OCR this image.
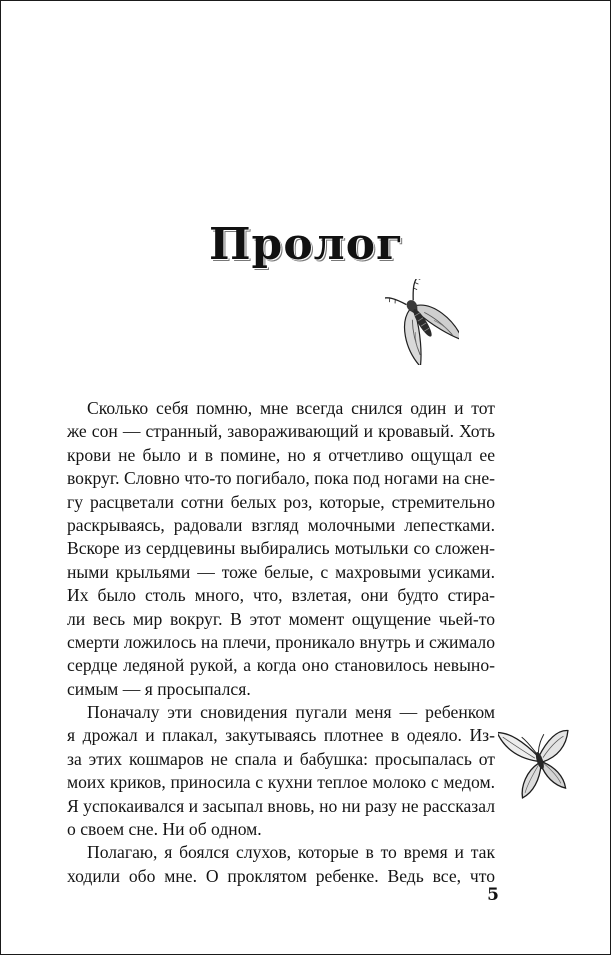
Пролог

Сколько себя помню, мне всегда снился один и тот
же сон — странный, завораживающий и кровавый. Хоть
крови не было и в помине, но я отчетливо ощущал ее
вокруг. Словно что-то погибало, пока под ногами на сне-
гу расцветали сотни белых роз, которые, стремительно
раскрываясь, радовали взгляд молочными лепестками.
Вскоре из сердцевины выбирались мотыльки со сложен-
ными крыльями — тоже белые, с махровыми усиками.
Их было столь много, что, взлетая, они будто стира-
ли весь мир вокруг. В этот момент ощущение чьей-то
смерти ложилось на плечи, проникало внутрь и сжимало
сердце ледяной рукой, а когда оно становилось невыно-
симым — я просыпался.

Поначалу эти сновидения пугали меня — ребенком
я дрожал и плакал, закутываясь плотнее в одеяло. Из-
за этих кошмаров не спала и бабушка: просыпалась от
моих криков, приносила с кухни теплое молоко с медом.
Я успокаивался и засыпал вновь, но ни разу не рассказал
о своем сне. Ни об одном.

Полагаю, я боялся слухов, которые в то время и так
ходили обо мне. О проклятом ребенке. Ведь все, что

5
